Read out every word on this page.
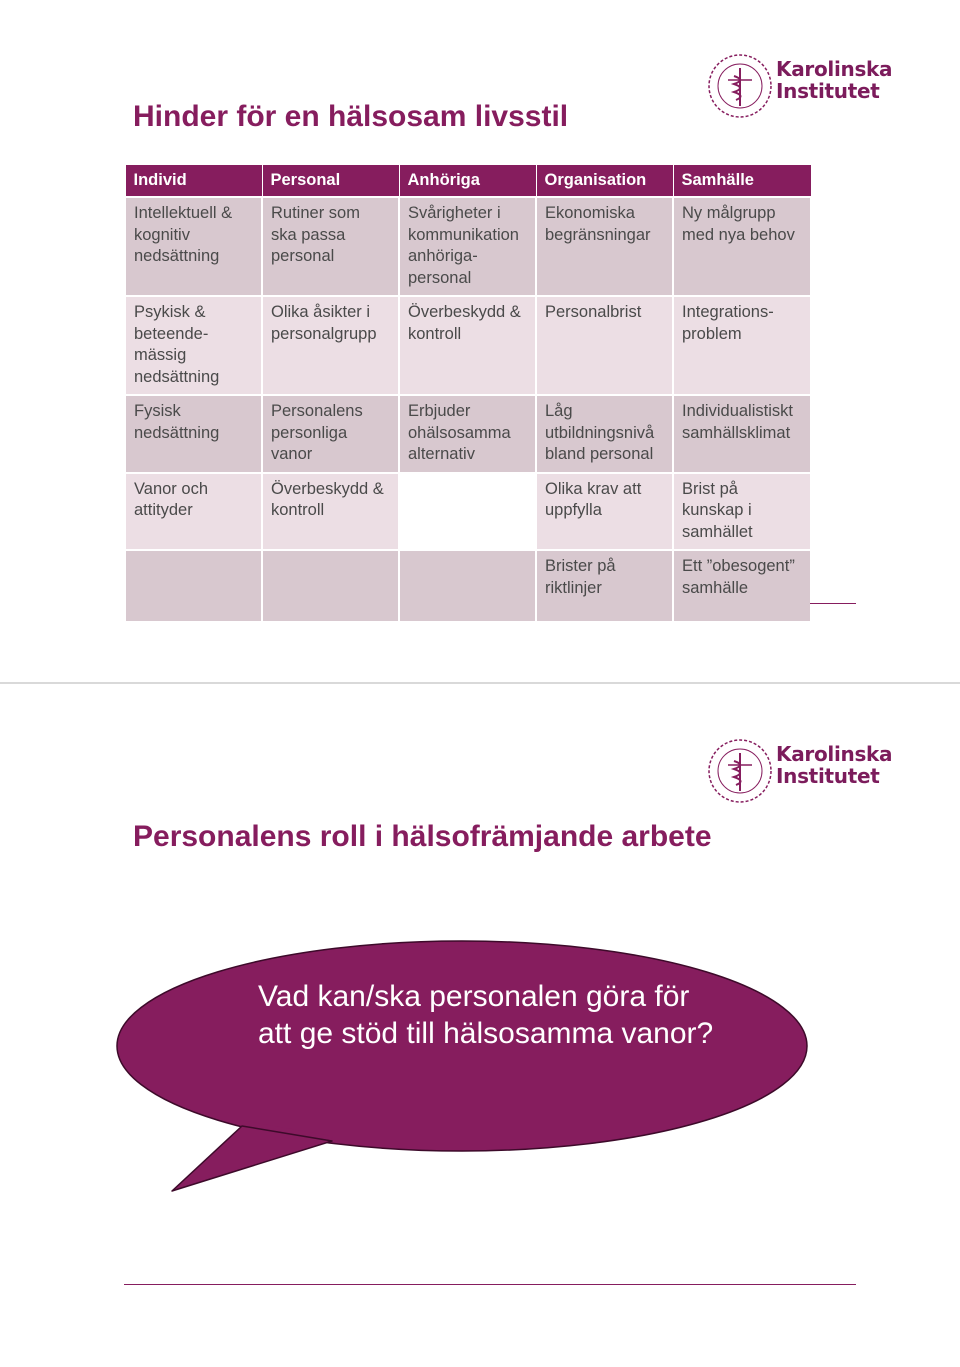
Karolinska
Institutet
Hinder för en hälsosam livsstil
Individ	Personal	Anhöriga	Organisation	Samhälle
Intellektuell & kognitiv nedsättning	Rutiner som ska passa personal	Svårigheter i kommunikation anhöriga-personal	Ekonomiska begränsningar	Ny målgrupp med nya behov
Psykisk & beteende-mässig nedsättning	Olika åsikter i personalgrupp	Överbeskydd & kontroll	Personalbrist	Integrations-problem
Fysisk nedsättning	Personalens personliga vanor	Erbjuder ohälsosamma alternativ	Låg utbildningsnivå bland personal	Individualistiskt samhällsklimat
Vanor och attityder	Överbeskydd & kontroll		Olika krav att uppfylla	Brist på kunskap i samhället
			Brister på riktlinjer	Ett ”obesogent” samhälle
Karolinska
Institutet
Personalens roll i hälsofrämjande arbete

Vad kan/ska personalen göra för att ge stöd till hälsosamma vanor?
